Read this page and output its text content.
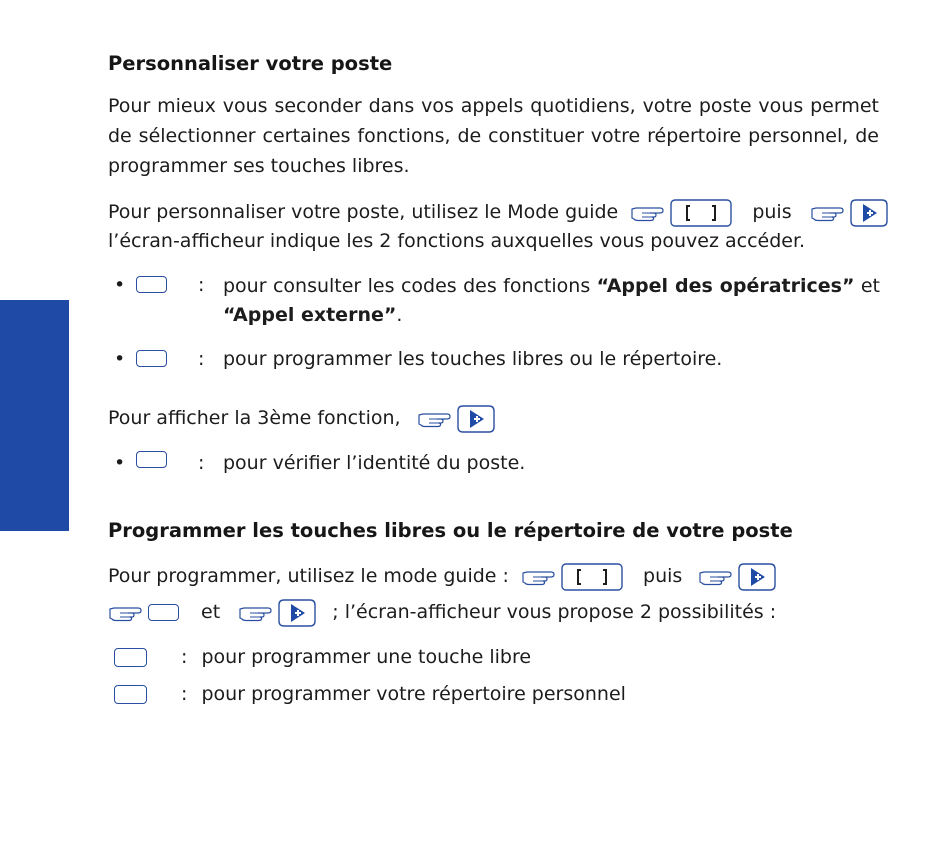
Personnaliser votre poste
Pour mieux vous seconder dans vos appels quotidiens, votre poste vous permet de sélectionner certaines fonctions, de constituer votre répertoire personnel, de programmer ses touches libres.
Pour personnaliser votre poste, utilisez le Mode guide	puis
l’écran-afficheur indique les 2 fonctions auxquelles vous pouvez accéder.
•	: pour consulter les codes des fonctions “Appel des opératrices” et
“Appel externe”.
•	: pour programmer les touches libres ou le répertoire.
Pour afficher la 3ème fonction,
•	: pour vérifier l’identité du poste.
Programmer les touches libres ou le répertoire de votre poste
Pour programmer, utilisez le mode guide :	puis
et	; l’écran-afficheur vous propose 2 possibilités :
: pour programmer une touche libre
: pour programmer votre répertoire personnel
